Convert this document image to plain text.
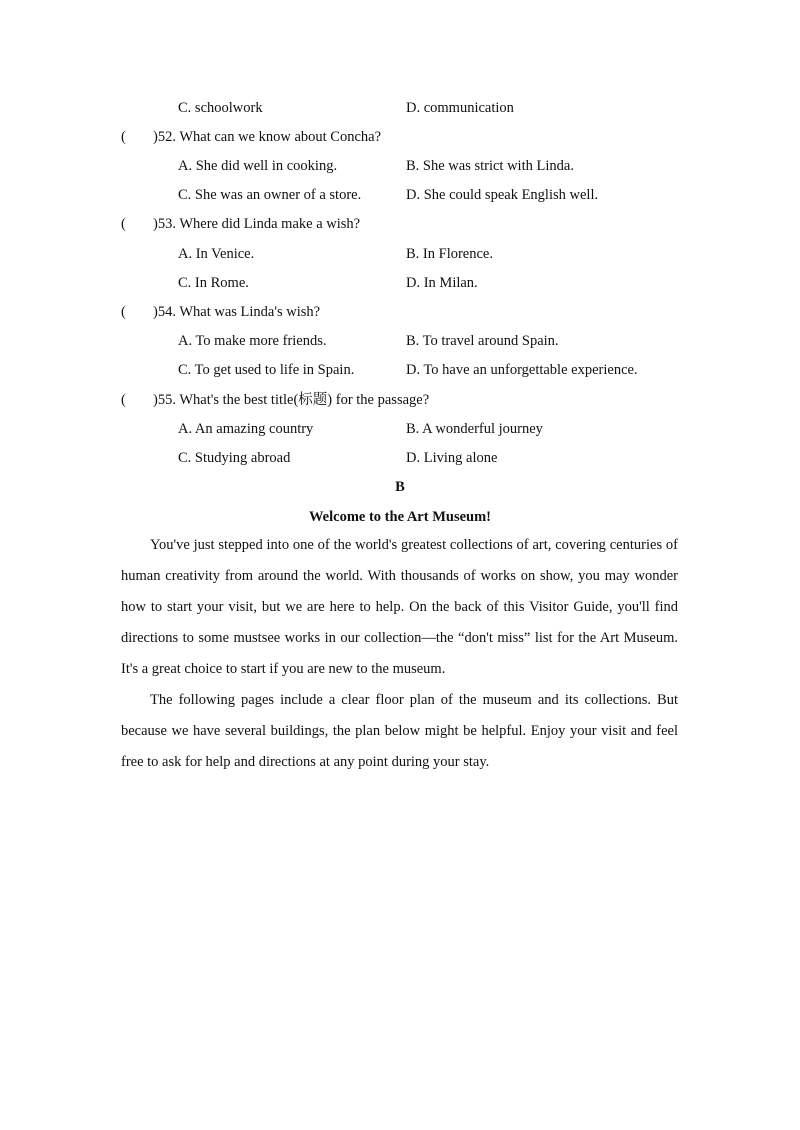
C. schoolwork	D. communication
( )52. What can we know about Concha?
A. She did well in cooking.	B. She was strict with Linda.
C. She was an owner of a store.	D. She could speak English well.
( )53. Where did Linda make a wish?
A. In Venice.	B. In Florence.
C. In Rome.	D. In Milan.
( )54. What was Linda's wish?
A. To make more friends.	B. To travel around Spain.
C. To get used to life in Spain.	D. To have an unforgettable experience.
( )55. What's the best title(标题) for the passage?
A. An amazing country	B. A wonderful journey
C. Studying abroad	D. Living alone
B
Welcome to the Art Museum!

You've just stepped into one of the world's greatest collections of art, covering centuries of human creativity from around the world. With thousands of works on show, you may wonder how to start your visit, but we are here to help. On the back of this Visitor Guide, you'll find directions to some mustsee works in our collection—the “don't miss” list for the Art Museum. It's a great choice to start if you are new to the museum.

The following pages include a clear floor plan of the museum and its collections. But because we have several buildings, the plan below might be helpful. Enjoy your visit and feel free to ask for help and directions at any point during your stay.
